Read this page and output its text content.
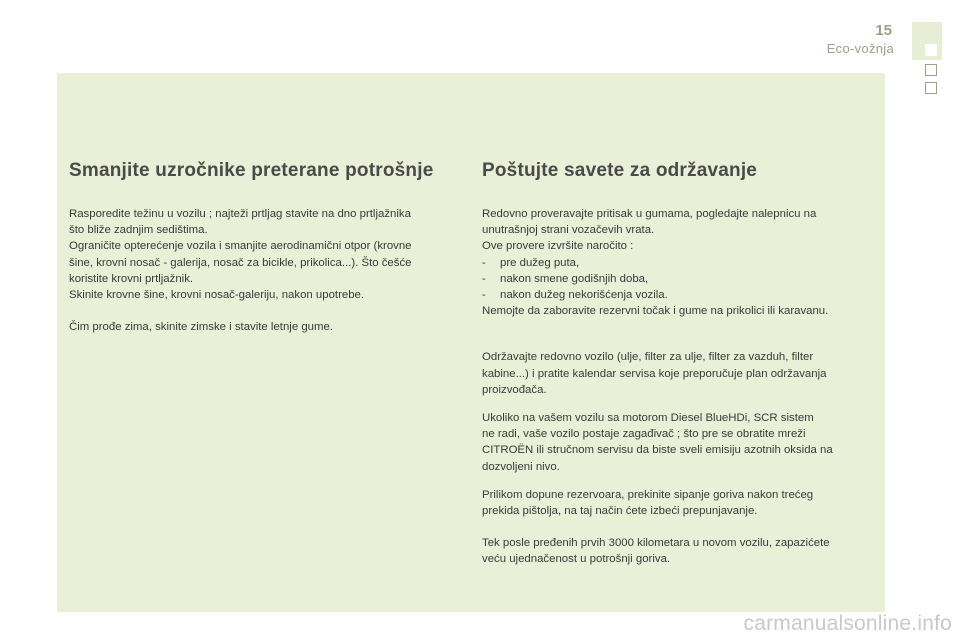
15
Eco-vožnja
Smanjite uzročnike preterane potrošnje

Rasporedite težinu u vozilu ; najteži prtljag stavite na dno prtljažnika

što bliže zadnjim sedištima.

Ograničite opterećenje vozila i smanjite aerodinamični otpor (krovne

šine, krovni nosač - galerija, nosač za bicikle, prikolica...). Što češće

koristite krovni prtljažnik.

Skinite krovne šine, krovni nosač-galeriju, nakon upotrebe.

Čim prođe zima, skinite zimske i stavite letnje gume.

Poštujte savete za održavanje

Redovno proveravajte pritisak u gumama, pogledajte nalepnicu na

unutrašnjoj strani vozačevih vrata.

Ove provere izvršite naročito :

-	pre dužeg puta,

-	nakon smene godišnjih doba,

-	nakon dužeg nekorišćenja vozila.

Nemojte da zaboravite rezervni točak i gume na prikolici ili karavanu.

Održavajte redovno vozilo (ulje, filter za ulje, filter za vazduh, filter

kabine...) i pratite kalendar servisa koje preporučuje plan održavanja

proizvođača.

Ukoliko na vašem vozilu sa motorom Diesel BlueHDi, SCR sistem

ne radi, vaše vozilo postaje zagađivač ; što pre se obratite mreži

CITROËN ili stručnom servisu da biste sveli emisiju azotnih oksida na

dozvoljeni nivo.

Prilikom dopune rezervoara, prekinite sipanje goriva nakon trećeg

prekida pištolja, na taj način ćete izbeći prepunjavanje.

Tek posle pređenih prvih 3000 kilometara u novom vozilu, zapazićete

veću ujednačenost u potrošnji goriva.

carmanualsonline.info
